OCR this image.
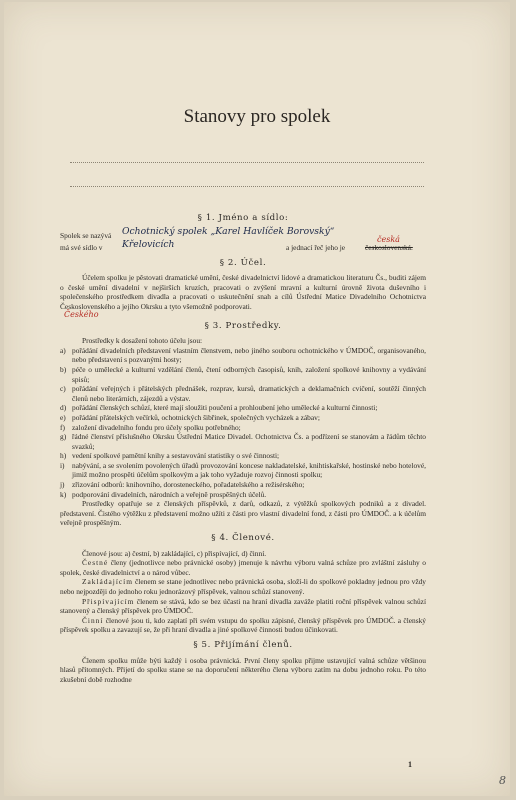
Stanovy pro spolek
§ 1. Jméno a sídlo:
Spolek se nazývá Ochotnický spolek „Karel Havlíček Borovský“
má své sídlo v Křelovicích	a jednací řeč jeho je	československá.
česká
§ 2. Účel.

Účelem spolku je pěstovati dramatické umění, české divadelnictví lidové a dramatickou literaturu Čs., buditi zájem o české umění divadelní v nejširších kruzích, pracovati o zvýšení mravní a kulturní úrovně života duševního i společenského prostředkem divadla a pracovati o uskutečnění snah a cílů Ústřední Matice Divadelního Ochotnictva Československého a jejího Okrsku a tyto všemožně podporovati.

Českého
§ 3. Prostředky.

Prostředky k dosažení tohoto účelu jsou:

a) pořádání divadelních představení vlastním členstvem, nebo jiného souboru ochotnického v ÚMDOČ, organisovaného, nebo představení s pozvanými hosty;
b) péče o umělecké a kulturní vzdělání členů, čtení odborných časopisů, knih, založení spolkové knihovny a vydávání spisů;
c) pořádání veřejných i přátelských přednášek, rozprav, kursů, dramatických a deklamačních cvičení, soutěží činných členů nebo literárních, zájezdů a výstav.
d) pořádání členských schůzí, které mají sloužiti poučení a prohloubení jeho umělecké a kulturní činnosti;
e) pořádání přátelských večírků, ochotnických šibřinek, společných vycházek a zábav;
f) založení divadelního fondu pro účely spolku potřebného;
g) řádné členství příslušného Okrsku Ústřední Matice Divadel. Ochotnictva Čs. a podřízení se stanovám a řádům těchto svazků;
h) vedení spolkové pamětní knihy a sestavování statistiky o své činnosti;
i)	nabývání, a se svolením povolených úřadů provozování koncese nakladatelské, knihtiskařské, hostinské nebo hotelové, jimiž možno prospěti účelům spolkovým a jak toho vyžaduje rozvoj činnosti spolku;
j)	zřizování odborů: knihovního, dorosteneckého, pořadatelského a režisérského;
k) podporování divadelních, národních a veřejně prospěšných účelů.

Prostředky opatřuje se z členských příspěvků, z darů, odkazů, z výtěžků spolkových podniků a z divadel. představení. Čistého výtěžku z představení možno užíti z části pro vlastní divadelní fond, z části pro ÚMDOČ. a k účelům veřejně prospěšným.

§ 4. Členové.

Členové jsou: a) čestní, b) zakládající, c) přispívající, d) činní.

Čestné členy (jednotlivce nebo právnické osoby) jmenuje k návrhu výboru valná schůze pro zvláštní zásluhy o spolek, české divadelnictví a o národ vůbec.

Zakládajícím členem se stane jednotlivec nebo právnická osoba, složí-li do spolkové pokladny jednou pro vždy nebo nejpozději do jednoho roku jednorázový příspěvek, valnou schůzí stanovený.

Přispívajícím členem se stává, kdo se bez účasti na hraní divadla zaváže platiti roční příspěvek valnou schůzí stanovený a členský příspěvek pro ÚMDOČ.

Činní členové jsou ti, kdo zaplatí při svém vstupu do spolku zápisné, členský příspěvek pro ÚMDOČ. a členský příspěvek spolku a zavazují se, že při hraní divadla a jiné spolkové činnosti budou účinkovati.

§ 5. Přijímání členů.

Členem spolku může býti každý i osoba právnická. První členy spolku přijme ustavující valná schůze většinou hlasů přítomných. Přijetí do spolku stane se na doporučení některého člena výboru zatím na dobu jednoho roku. Po této zkušební době rozhodne

1
8
